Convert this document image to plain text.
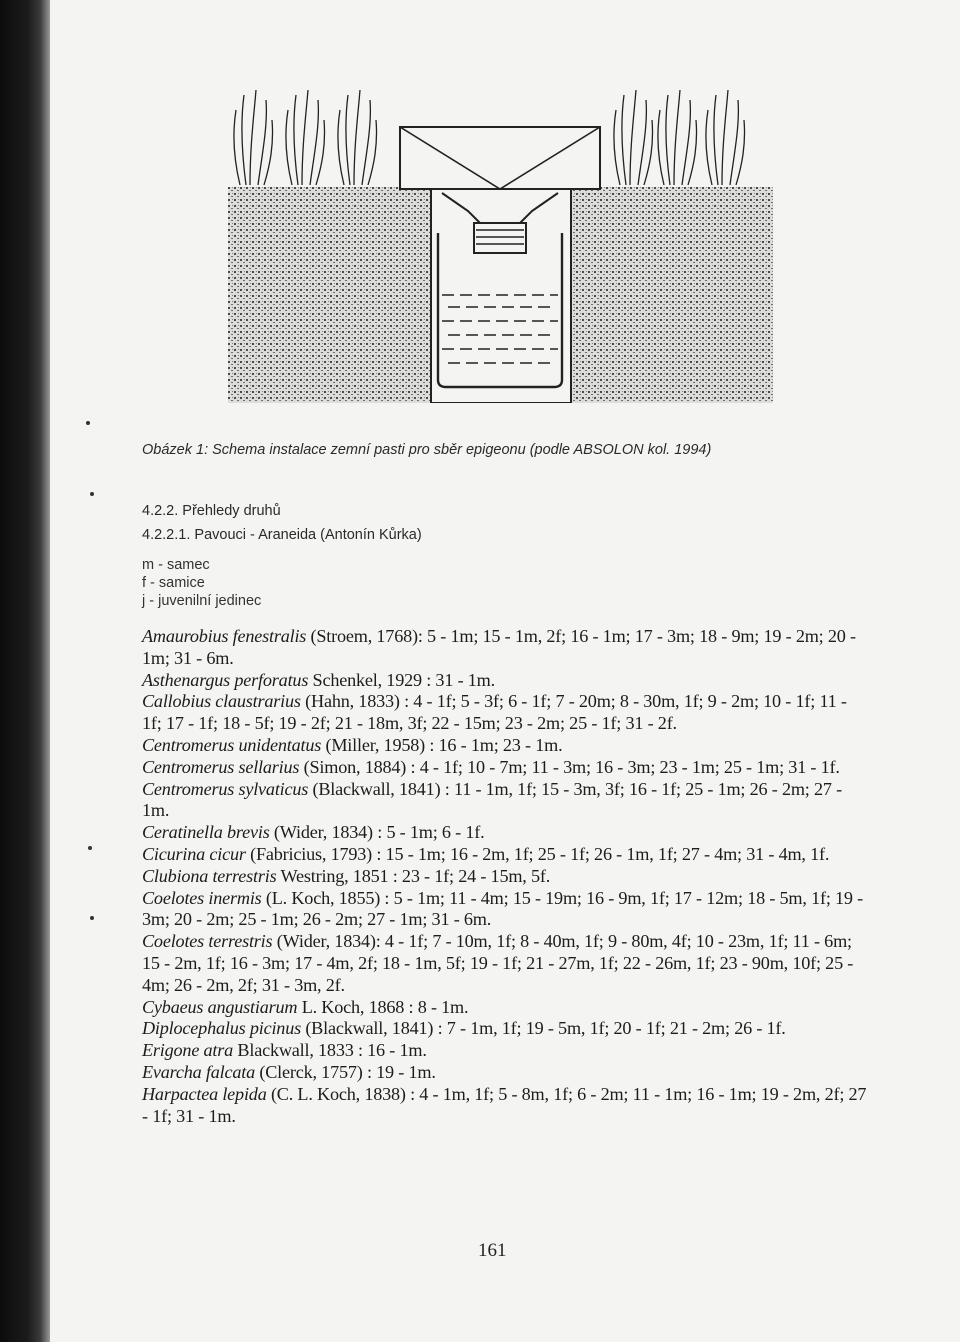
Obázek 1: Schema instalace zemní pasti pro sběr epigeonu (podle ABSOLON kol. 1994)
4.2.2. Přehledy druhů
4.2.2.1. Pavouci - Araneida (Antonín Kůrka)
m - samec
f - samice
j - juvenilní jedinec

Amaurobius fenestralis (Stroem, 1768): 5 - 1m; 15 - 1m, 2f; 16 - 1m; 17 - 3m; 18 - 9m; 19 - 2m; 20 - 1m; 31 - 6m.

Asthenargus perforatus Schenkel, 1929 : 31 - 1m.

Callobius claustrarius (Hahn, 1833) : 4 - 1f; 5 - 3f; 6 - 1f; 7 - 20m; 8 - 30m, 1f; 9 - 2m; 10 - 1f; 11 - 1f; 17 - 1f; 18 - 5f; 19 - 2f; 21 - 18m, 3f; 22 - 15m; 23 - 2m; 25 - 1f; 31 - 2f.

Centromerus unidentatus (Miller, 1958) : 16 - 1m; 23 - 1m.

Centromerus sellarius (Simon, 1884) : 4 - 1f; 10 - 7m; 11 - 3m; 16 - 3m; 23 - 1m; 25 - 1m; 31 - 1f.

Centromerus sylvaticus (Blackwall, 1841) : 11 - 1m, 1f; 15 - 3m, 3f; 16 - 1f; 25 - 1m; 26 - 2m; 27 - 1m.

Ceratinella brevis (Wider, 1834) : 5 - 1m; 6 - 1f.

Cicurina cicur (Fabricius, 1793) : 15 - 1m; 16 - 2m, 1f; 25 - 1f; 26 - 1m, 1f; 27 - 4m; 31 - 4m, 1f.

Clubiona terrestris Westring, 1851 : 23 - 1f; 24 - 15m, 5f.

Coelotes inermis (L. Koch, 1855) : 5 - 1m; 11 - 4m; 15 - 19m; 16 - 9m, 1f; 17 - 12m; 18 - 5m, 1f; 19 - 3m; 20 - 2m; 25 - 1m; 26 - 2m; 27 - 1m; 31 - 6m.

Coelotes terrestris (Wider, 1834): 4 - 1f; 7 - 10m, 1f; 8 - 40m, 1f; 9 - 80m, 4f; 10 - 23m, 1f; 11 - 6m; 15 - 2m, 1f; 16 - 3m; 17 - 4m, 2f; 18 - 1m, 5f; 19 - 1f; 21 - 27m, 1f; 22 - 26m, 1f; 23 - 90m, 10f; 25 - 4m; 26 - 2m, 2f; 31 - 3m, 2f.

Cybaeus angustiarum L. Koch, 1868 : 8 - 1m.

Diplocephalus picinus (Blackwall, 1841) : 7 - 1m, 1f; 19 - 5m, 1f; 20 - 1f; 21 - 2m; 26 - 1f.

Erigone atra Blackwall, 1833 : 16 - 1m.

Evarcha falcata (Clerck, 1757) : 19 - 1m.

Harpactea lepida (C. L. Koch, 1838) : 4 - 1m, 1f; 5 - 8m, 1f; 6 - 2m; 11 - 1m; 16 - 1m; 19 - 2m, 2f; 27 - 1f; 31 - 1m.

161
